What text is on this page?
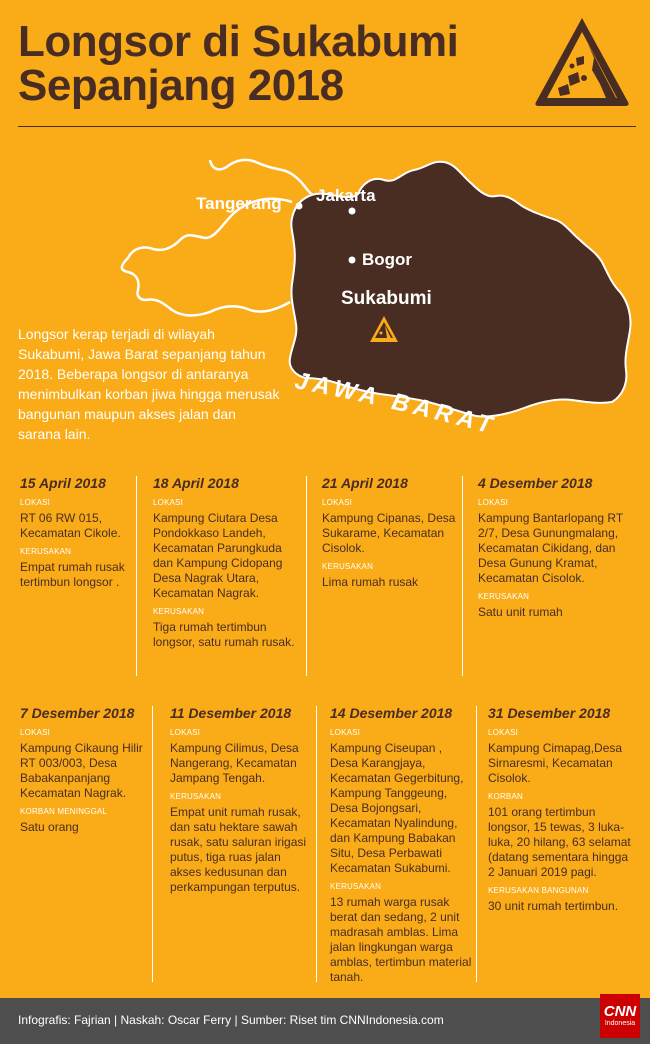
Longsor di Sukabumi
Sepanjang 2018
JAWA BARAT
Tangerang Jakarta
Bogor
Sukabumi
Longsor kerap terjadi di wilayah Sukabumi, Jawa Barat sepanjang tahun 2018. Beberapa longsor di antaranya menimbulkan korban jiwa hingga merusak bangunan maupun akses jalan dan sarana lain.
15 April 2018
LOKASI
RT 06 RW 015, Kecamatan Cikole.
KERUSAKAN
Empat rumah rusak tertimbun longsor .
18 April 2018
LOKASI
Kampung Ciutara Desa Pondokkaso Landeh, Kecamatan Parungkuda dan Kampung Cidopang Desa Nagrak Utara, Kecamatan Nagrak.
KERUSAKAN
Tiga rumah tertimbun longsor, satu rumah rusak.
21 April 2018
LOKASI
Kampung Cipanas, Desa Sukarame, Kecamatan Cisolok.
KERUSAKAN
Lima rumah rusak
4 Desember 2018
LOKASI
Kampung Bantarlopang RT 2/7, Desa Gunungmalang, Kecamatan Cikidang, dan Desa Gunung Kramat, Kecamatan Cisolok.
KERUSAKAN
Satu unit rumah
7 Desember 2018
LOKASI
Kampung Cikaung Hilir RT 003/003, Desa Babakanpanjang Kecamatan Nagrak.
KORBAN MENINGGAL
Satu orang
11 Desember 2018
LOKASI
Kampung Cilimus, Desa Nangerang, Kecamatan Jampang Tengah.
KERUSAKAN
Empat unit rumah rusak, dan satu hektare sawah rusak, satu saluran irigasi putus, tiga ruas jalan akses kedusunan dan perkampungan terputus.
14 Desember 2018
LOKASI
Kampung Ciseupan , Desa Karangjaya, Kecamatan Gegerbitung, Kampung Tanggeung, Desa Bojongsari, Kecamatan Nyalindung, dan Kampung Babakan Situ, Desa Perbawati Kecamatan Sukabumi.
KERUSAKAN
13 rumah warga rusak berat dan sedang, 2 unit madrasah amblas. Lima jalan lingkungan warga amblas, tertimbun material tanah.
31 Desember 2018
LOKASI
Kampung Cimapag,Desa Sirnaresmi, Kecamatan Cisolok.
KORBAN
101 orang tertimbun longsor, 15 tewas, 3 luka-luka, 20 hilang, 63 selamat (datang sementara hingga 2 Januari 2019 pagi.
KERUSAKAN BANGUNAN
30 unit rumah tertimbun.
Infografis: Fajrian | Naskah: Oscar Ferry | Sumber: Riset tim CNNIndonesia.com	CNN
Indonesia
